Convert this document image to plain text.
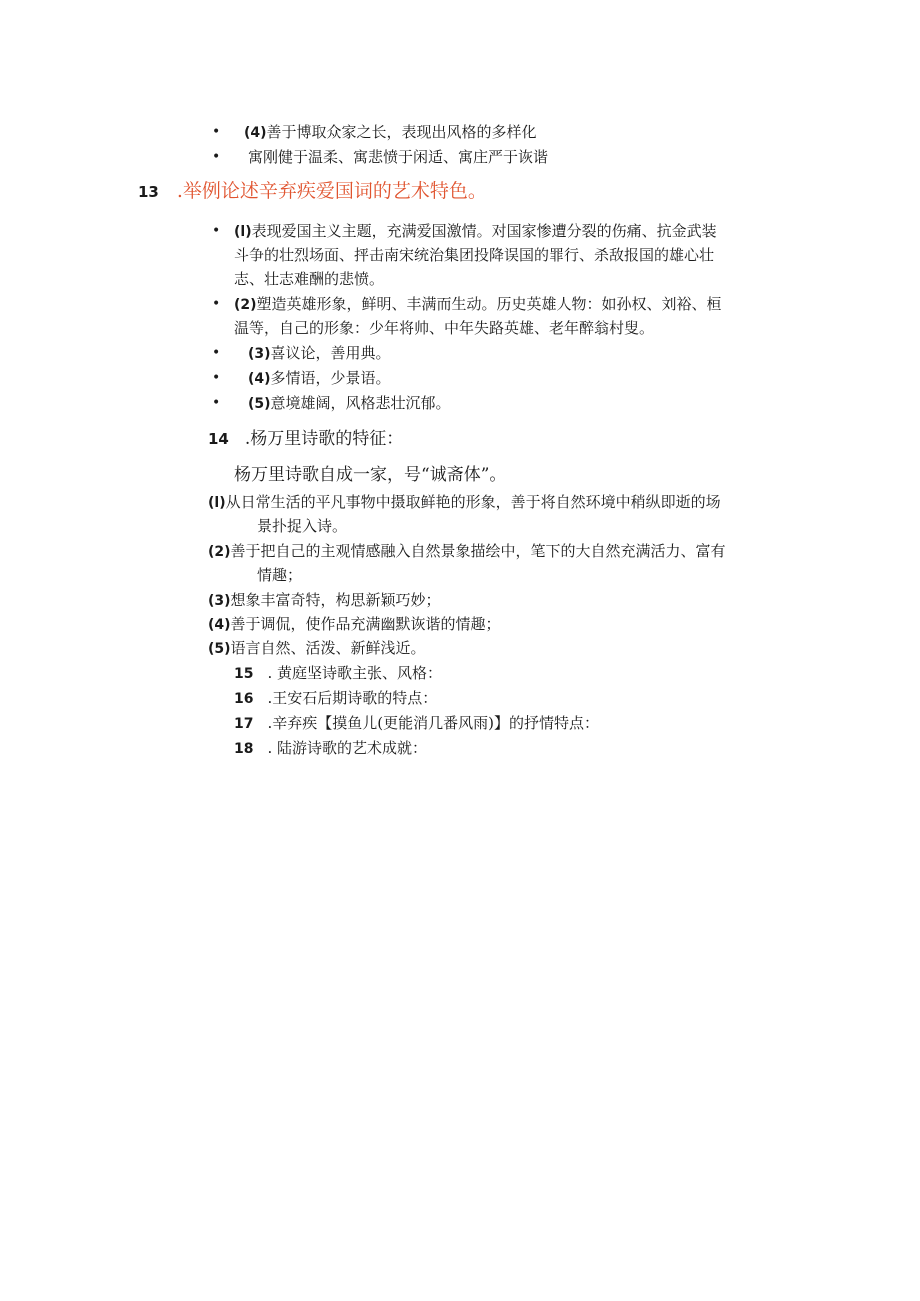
• (4)善于博取众家之长，表现出风格的多样化
• 寓刚健于温柔、寓悲愤于闲适、寓庄严于诙谐
13 .举例论述辛弃疾爱国词的艺术特色。
• (l)表现爱国主义主题，充满爱国激情。对国家惨遭分裂的伤痛、抗金武装
斗争的壮烈场面、抨击南宋统治集团投降误国的罪行、杀敌报国的雄心壮
志、壮志难酬的悲愤。
• (2)塑造英雄形象，鲜明、丰满而生动。历史英雄人物：如孙权、刘裕、桓
温等，自己的形象：少年将帅、中年失路英雄、老年醉翁村叟。
• (3)喜议论，善用典。
• (4)多情语，少景语。
• (5)意境雄阔，风格悲壮沉郁。
14 .杨万里诗歌的特征：
杨万里诗歌自成一家，号“诚斋体”。
(l)从日常生活的平凡事物中摄取鲜艳的形象，善于将自然环境中稍纵即逝的场
景扑捉入诗。
(2)善于把自己的主观情感融入自然景象描绘中，笔下的大自然充满活力、富有
情趣；
(3)想象丰富奇特，构思新颖巧妙；
(4)善于调侃，使作品充满幽默诙谐的情趣；
(5)语言自然、活泼、新鲜浅近。
15 . 黄庭坚诗歌主张、风格：
16 .王安石后期诗歌的特点：
17 .辛弃疾【摸鱼儿(更能消几番风雨)】的抒情特点：
18 . 陆游诗歌的艺术成就：
